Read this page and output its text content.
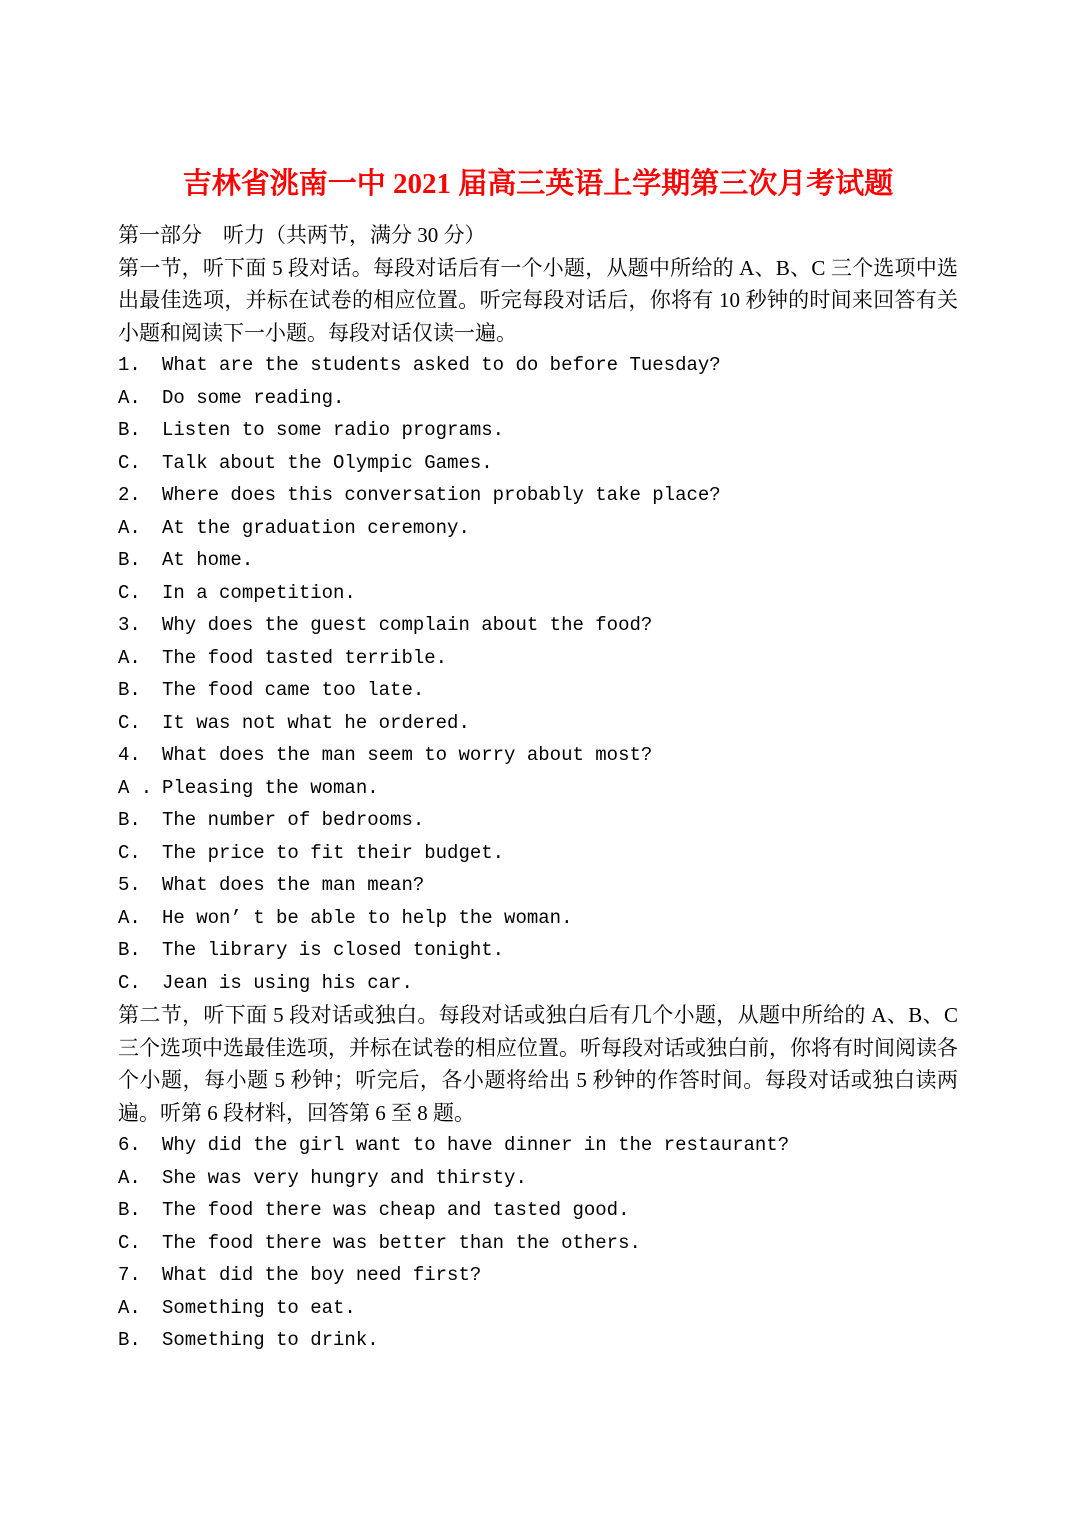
吉林省洮南一中 2021 届高三英语上学期第三次月考试题
第一部分　听力（共两节，满分 30 分）

第一节，听下面 5 段对话。每段对话后有一个小题，从题中所给的 A、B、C 三个选项中选出最佳选项，并标在试卷的相应位置。听完每段对话后，你将有 10 秒钟的时间来回答有关小题和阅读下一小题。每段对话仅读一遍。

1.	What are the students asked to do before Tuesday?
A.	Do some reading.
B.	Listen to some radio programs.
C.	Talk about the Olympic Games.
2.	Where does this conversation probably take place?
A.	At the graduation ceremony.
B.	At home.
C.	In a competition.
3.	Why does the guest complain about the food?
A.	The food tasted terrible.
B.	The food came too late.
C.	It was not what he ordered.
4.	What does the man seem to worry about most?
A . Pleasing the woman.
B.	The number of bedrooms.
C.	The price to fit their budget.
5.	What does the man mean?
A.	He won’ t be able to help the woman.
B.	The library is closed tonight.
C.	Jean is using his car.

第二节，听下面 5 段对话或独白。每段对话或独白后有几个小题，从题中所给的 A、B、C 三个选项中选最佳选项，并标在试卷的相应位置。听每段对话或独白前，你将有时间阅读各个小题，每小题 5 秒钟；听完后，各小题将给出 5 秒钟的作答时间。每段对话或独白读两遍。听第 6 段材料，回答第 6 至 8 题。

6.	Why did the girl want to have dinner in the restaurant?
A.	She was very hungry and thirsty.
B.	The food there was cheap and tasted good.
C.	The food there was better than the others.
7.	What did the boy need first?
A.	Something to eat.
B.	Something to drink.
